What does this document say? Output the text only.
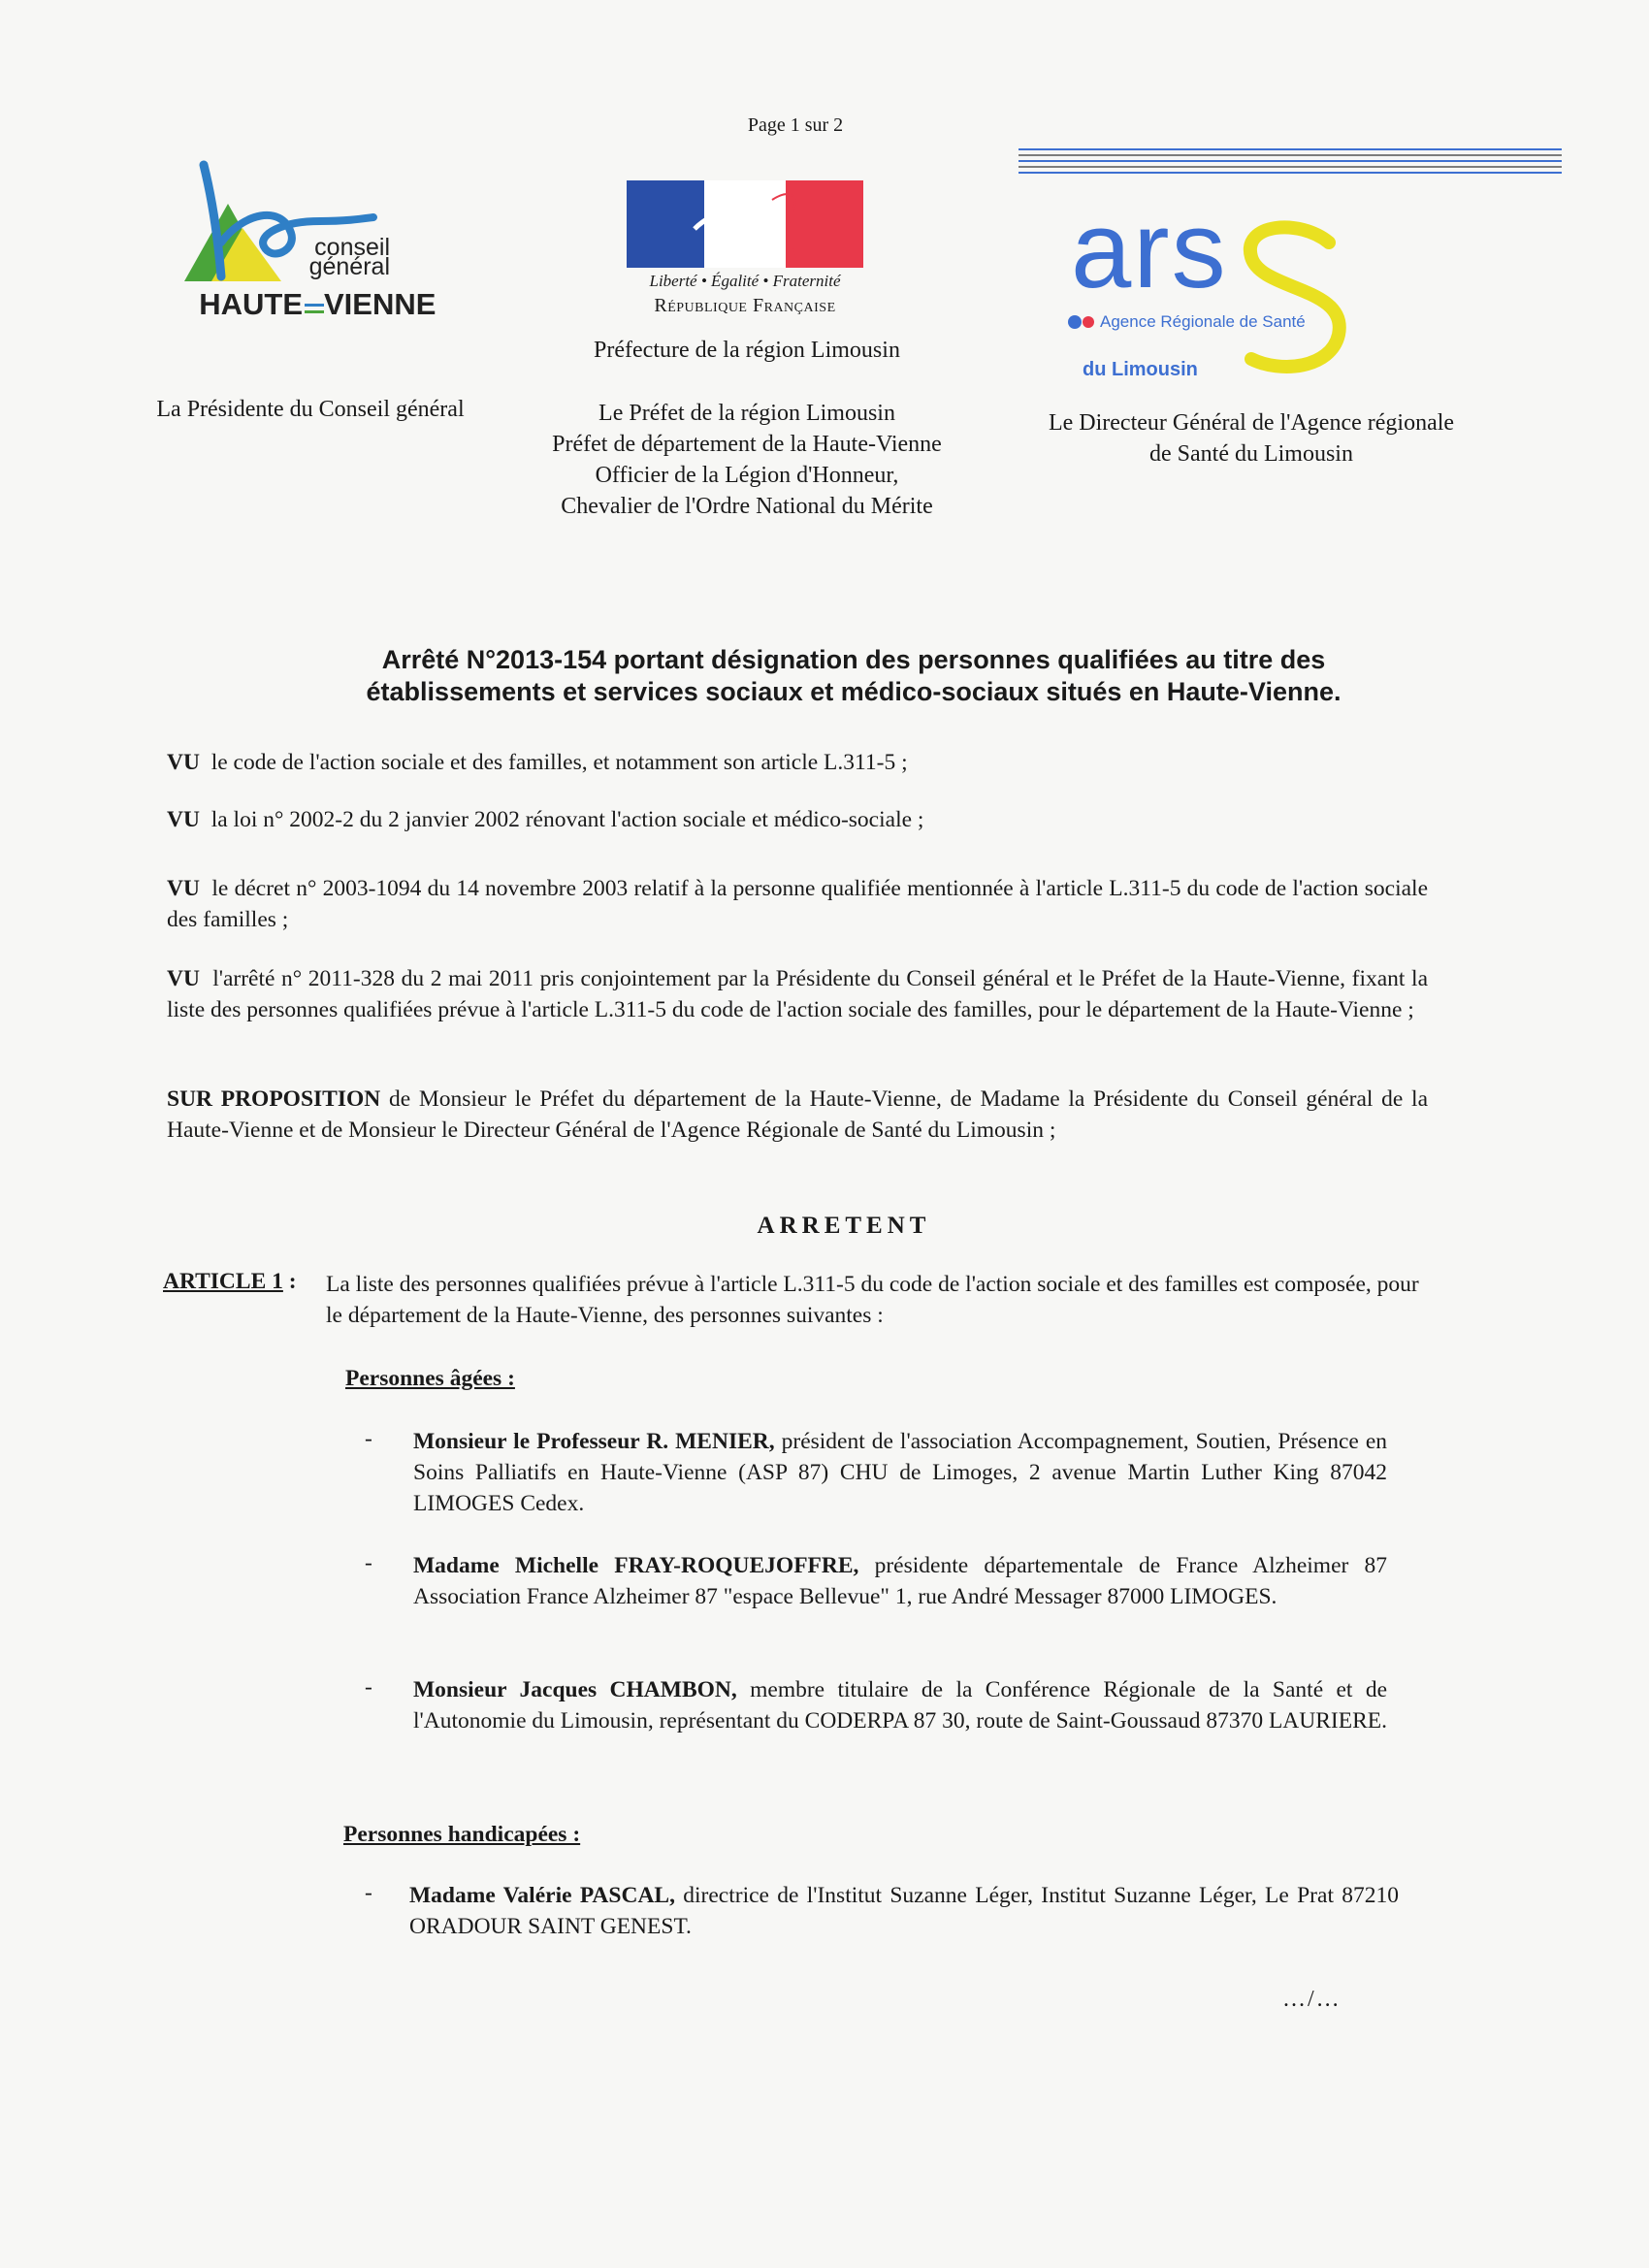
Page 1 sur 2
conseil
général
HAUTE VIENNE
La Présidente du Conseil général
Liberté • Égalité • Fraternité
République Française
Préfecture de la région Limousin
Le Préfet de la région Limousin
Préfet de département de la Haute-Vienne
Officier de la Légion d'Honneur,
Chevalier de l'Ordre National du Mérite
ars
Agence Régionale de Santé
du Limousin
Le Directeur Général de l'Agence régionale
de Santé du Limousin
Arrêté N°2013-154 portant désignation des personnes qualifiées au titre des
établissements et services sociaux et médico-sociaux situés en Haute-Vienne.
VU le code de l'action sociale et des familles, et notamment son article L.311-5 ;
VU la loi n° 2002-2 du 2 janvier 2002 rénovant l'action sociale et médico-sociale ;
VU le décret n° 2003-1094 du 14 novembre 2003 relatif à la personne qualifiée mentionnée à l'article L.311-5 du code de l'action sociale des familles ;
VU l'arrêté n° 2011-328 du 2 mai 2011 pris conjointement par la Présidente du Conseil général et le Préfet de la Haute-Vienne, fixant la liste des personnes qualifiées prévue à l'article L.311-5 du code de l'action sociale des familles, pour le département de la Haute-Vienne ;
SUR PROPOSITION de Monsieur le Préfet du département de la Haute-Vienne, de Madame la Présidente du Conseil général de la Haute-Vienne et de Monsieur le Directeur Général de l'Agence Régionale de Santé du Limousin ;
ARRETENT
ARTICLE 1 : La liste des personnes qualifiées prévue à l'article L.311-5 du code de l'action sociale et des familles est composée, pour le département de la Haute-Vienne, des personnes suivantes :
Personnes âgées :
- Monsieur le Professeur R. MENIER, président de l'association Accompagnement, Soutien, Présence en Soins Palliatifs en Haute-Vienne (ASP 87) CHU de Limoges, 2 avenue Martin Luther King 87042 LIMOGES Cedex.
- Madame Michelle FRAY-ROQUEJOFFRE, présidente départementale de France Alzheimer 87 Association France Alzheimer 87 "espace Bellevue" 1, rue André Messager 87000 LIMOGES.
- Monsieur Jacques CHAMBON, membre titulaire de la Conférence Régionale de la Santé et de l'Autonomie du Limousin, représentant du CODERPA 87 30, route de Saint-Goussaud 87370 LAURIERE.
Personnes handicapées :
- Madame Valérie PASCAL, directrice de l'Institut Suzanne Léger, Institut Suzanne Léger, Le Prat 87210 ORADOUR SAINT GENEST.
…/…
